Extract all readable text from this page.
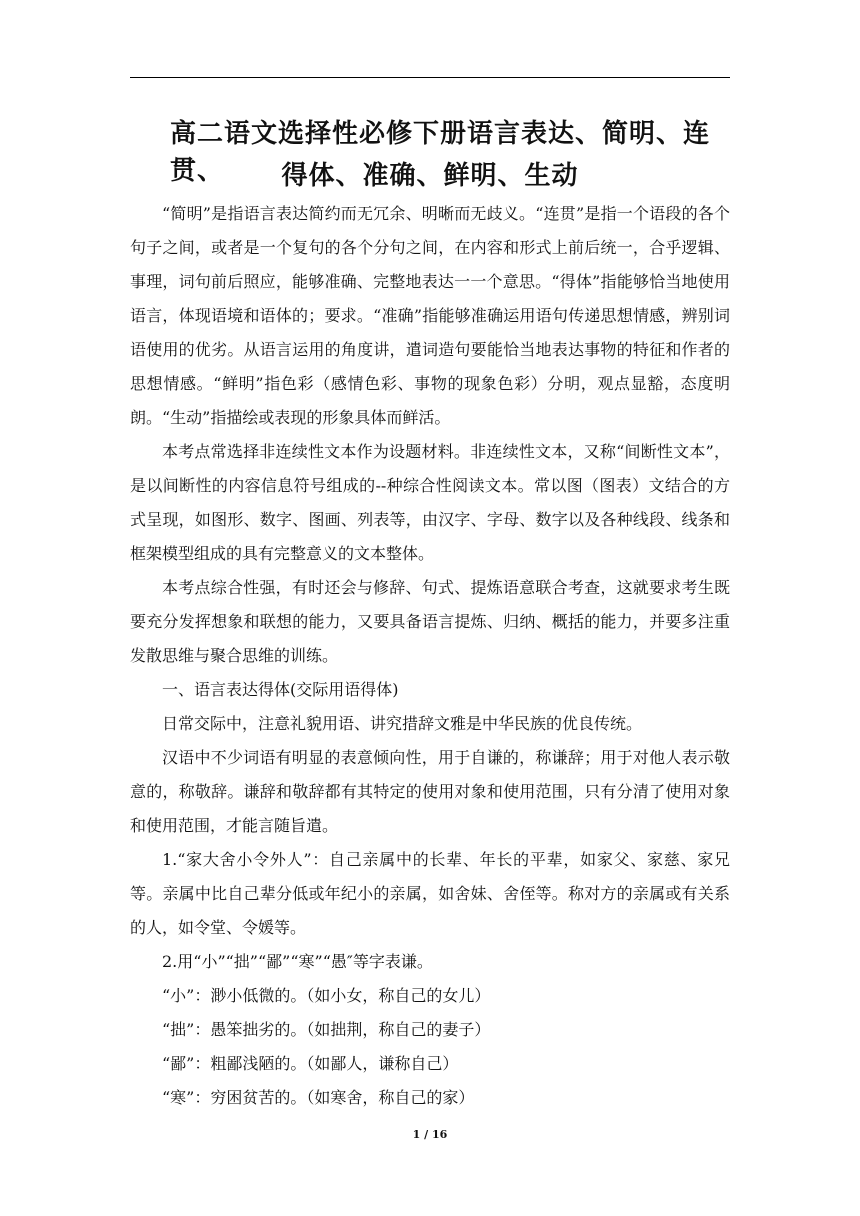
高二语文选择性必修下册语言表达、简明、连贯、	得体、准确、鲜明、生动

“简明”是指语言表达简约而无冗余、明晰而无歧义。“连贯”是指一个语段的各个句子之间，或者是一个复句的各个分句之间，在内容和形式上前后统一，合乎逻辑、事理，词句前后照应，能够准确、完整地表达一一个意思。“得体”指能够恰当地使用语言，体现语境和语体的；要求。“准确”指能够准确运用语句传递思想情感，辨别词语使用的优劣。从语言运用的角度讲，遣词造句要能恰当地表达事物的特征和作者的思想情感。“鲜明”指色彩（感情色彩、事物的现象色彩）分明，观点显豁，态度明朗。“生动”指描绘或表现的形象具体而鲜活。

本考点常选择非连续性文本作为设题材料。非连续性文本，又称“间断性文本”，是以间断性的内容信息符号组成的--种综合性阅读文本。常以图（图表）文结合的方式呈现，如图形、数字、图画、列表等，由汉字、字母、数字以及各种线段、线条和框架模型组成的具有完整意义的文本整体。

本考点综合性强，有时还会与修辞、句式、提炼语意联合考查，这就要求考生既要充分发挥想象和联想的能力，又要具备语言提炼、归纳、概括的能力，并要多注重发散思维与聚合思维的训练。

一、语言表达得体(交际用语得体)

日常交际中，注意礼貌用语、讲究措辞文雅是中华民族的优良传统。

汉语中不少词语有明显的表意倾向性，用于自谦的，称谦辞；用于对他人表示敬意的，称敬辞。谦辞和敬辞都有其特定的使用对象和使用范围，只有分清了使用对象和使用范围，才能言随旨遣。

1.“家大舍小令外人”：自己亲属中的长辈、年长的平辈，如家父、家慈、家兄等。亲属中比自己辈分低或年纪小的亲属，如舍妹、舍侄等。称对方的亲属或有关系的人，如令堂、令媛等。

2.用“小”“拙”“鄙”“寒”“愚″等字表谦。

“小”：渺小低微的。（如小女，称自己的女儿）

“拙”：愚笨拙劣的。（如拙荆，称自己的妻子）

“鄙”：粗鄙浅陋的。（如鄙人，谦称自己）

“寒”：穷困贫苦的。（如寒舍，称自己的家）

1 / 16
